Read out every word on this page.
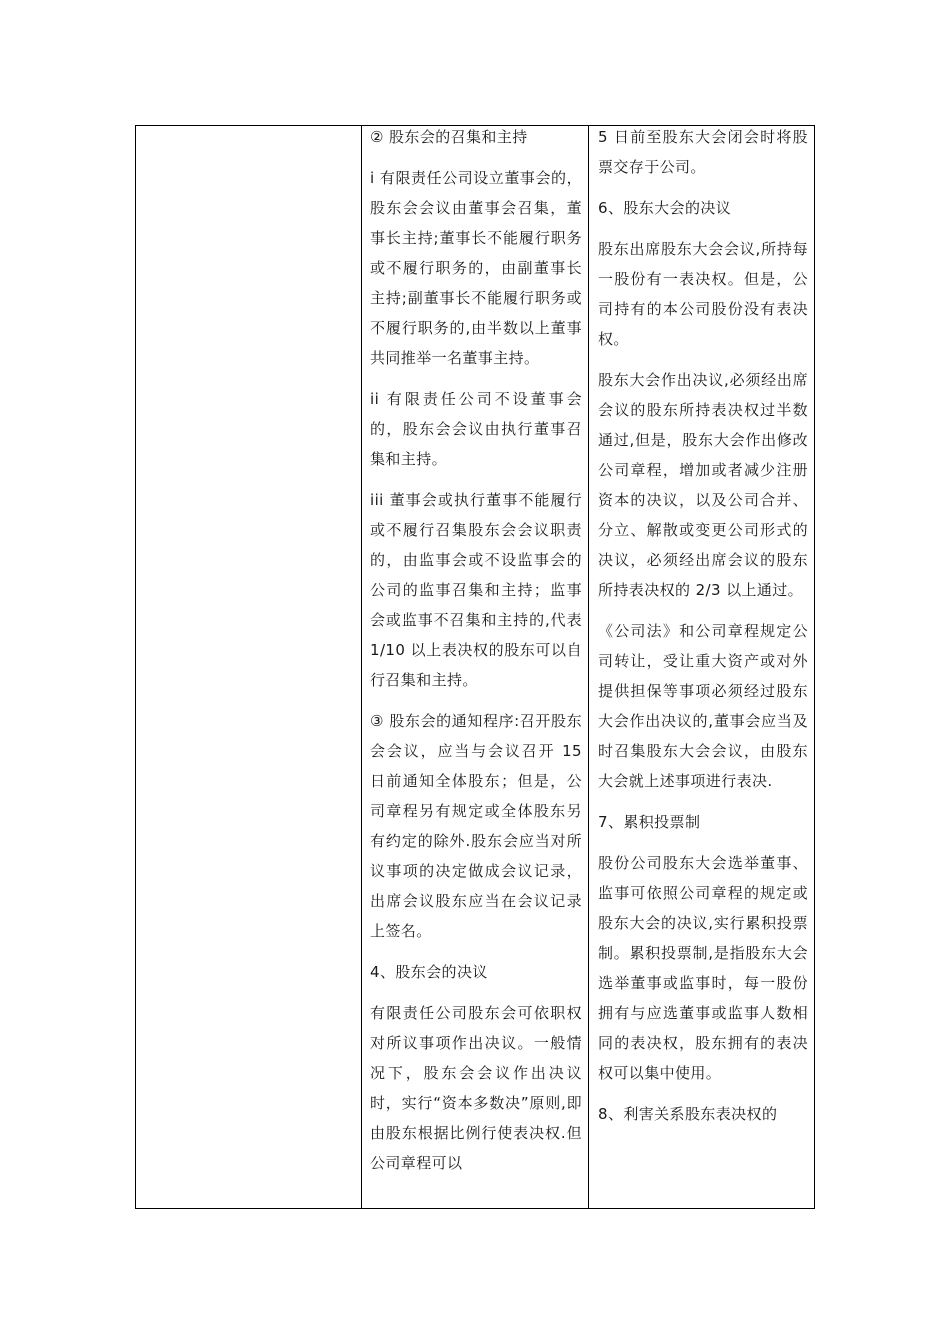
② 股东会的召集和主持

i 有限责任公司设立董事会的，股东会会议由董事会召集，董事长主持;董事长不能履行职务或不履行职务的，由副董事长主持;副董事长不能履行职务或不履行职务的,由半数以上董事共同推举一名董事主持。

ii 有限责任公司不设董事会的，股东会会议由执行董事召集和主持。

iii 董事会或执行董事不能履行或不履行召集股东会会议职责的，由监事会或不设监事会的公司的监事召集和主持；监事会或监事不召集和主持的,代表 1/10 以上表决权的股东可以自行召集和主持。

③ 股东会的通知程序:召开股东会会议，应当与会议召开 15 日前通知全体股东；但是，公司章程另有规定或全体股东另有约定的除外.股东会应当对所议事项的决定做成会议记录，出席会议股东应当在会议记录上签名。

4、股东会的决议

有限责任公司股东会可依职权对所议事项作出决议。一般情况下，股东会会议作出决议时，实行“资本多数决”原则,即由股东根据比例行使表决权.但公司章程可以

5 日前至股东大会闭会时将股票交存于公司。

6、股东大会的决议

股东出席股东大会会议,所持每一股份有一表决权。但是，公司持有的本公司股份没有表决权。

股东大会作出决议,必须经出席会议的股东所持表决权过半数通过,但是，股东大会作出修改公司章程，增加或者减少注册资本的决议，以及公司合并、分立、解散或变更公司形式的决议，必须经出席会议的股东所持表决权的 2/3 以上通过。

《公司法》和公司章程规定公司转让，受让重大资产或对外提供担保等事项必须经过股东大会作出决议的,董事会应当及时召集股东大会会议，由股东大会就上述事项进行表决.

7、累积投票制

股份公司股东大会选举董事、监事可依照公司章程的规定或股东大会的决议,实行累积投票制。累积投票制,是指股东大会选举董事或监事时，每一股份拥有与应选董事或监事人数相同的表决权，股东拥有的表决权可以集中使用。

8、利害关系股东表决权的
